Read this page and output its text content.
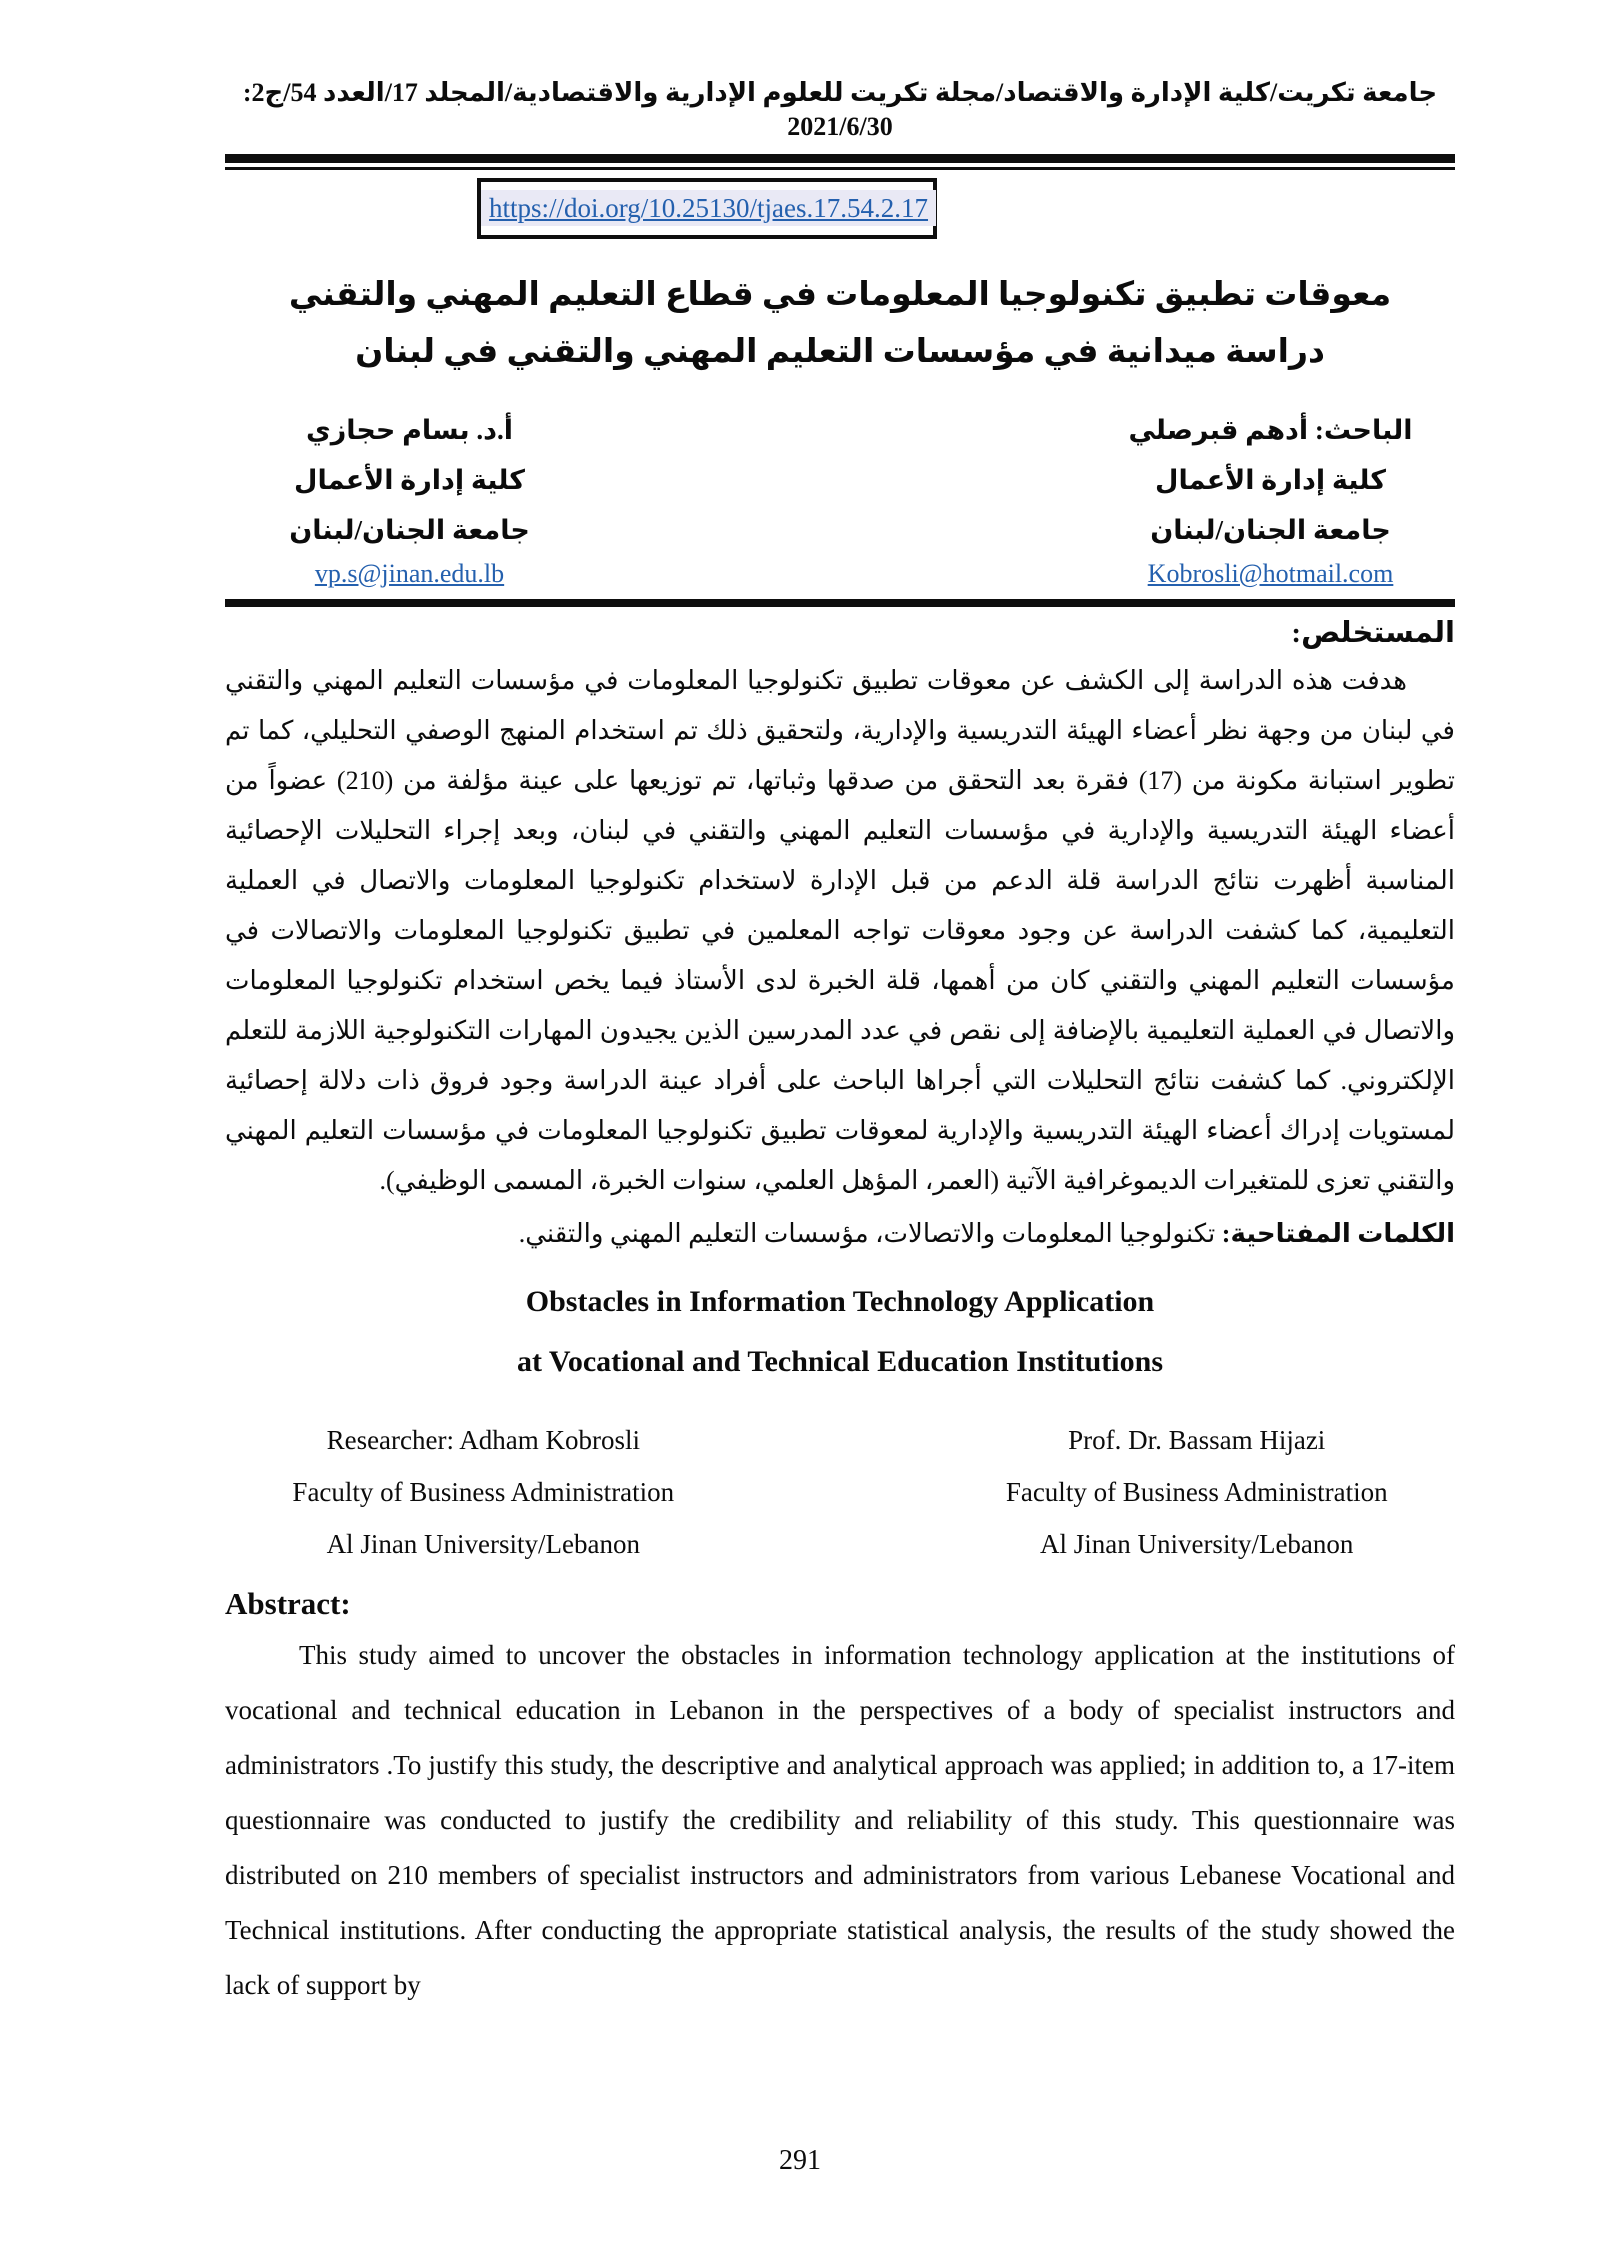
جامعة تكريت/كلية الإدارة والاقتصاد/مجلة تكريت للعلوم الإدارية والاقتصادية/المجلد 17/العدد 54/ج2: 2021/6/30
https://doi.org/10.25130/tjaes.17.54.2.17
معوقات تطبيق تكنولوجيا المعلومات في قطاع التعليم المهني والتقني
دراسة ميدانية في مؤسسات التعليم المهني والتقني في لبنان
الباحث: أدهم قبرصلي
كلية إدارة الأعمال
جامعة الجنان/لبنان
Kobrosli@hotmail.com
أ.د. بسام حجازي
كلية إدارة الأعمال
جامعة الجنان/لبنان
vp.s@jinan.edu.lb
المستخلص:
هدفت هذه الدراسة إلى الكشف عن معوقات تطبيق تكنولوجيا المعلومات في مؤسسات التعليم المهني والتقني في لبنان من وجهة نظر أعضاء الهيئة التدريسية والإدارية، ولتحقيق ذلك تم استخدام المنهج الوصفي التحليلي، كما تم تطوير استبانة مكونة من (17) فقرة بعد التحقق من صدقها وثباتها، تم توزيعها على عينة مؤلفة من (210) عضواً من أعضاء الهيئة التدريسية والإدارية في مؤسسات التعليم المهني والتقني في لبنان، وبعد إجراء التحليلات الإحصائية المناسبة أظهرت نتائج الدراسة قلة الدعم من قبل الإدارة لاستخدام تكنولوجيا المعلومات والاتصال في العملية التعليمية، كما كشفت الدراسة عن وجود معوقات تواجه المعلمين في تطبيق تكنولوجيا المعلومات والاتصالات في مؤسسات التعليم المهني والتقني كان من أهمها، قلة الخبرة لدى الأستاذ فيما يخص استخدام تكنولوجيا المعلومات والاتصال في العملية التعليمية بالإضافة إلى نقص في عدد المدرسين الذين يجيدون المهارات التكنولوجية اللازمة للتعلم الإلكتروني. كما كشفت نتائج التحليلات التي أجراها الباحث على أفراد عينة الدراسة وجود فروق ذات دلالة إحصائية لمستويات إدراك أعضاء الهيئة التدريسية والإدارية لمعوقات تطبيق تكنولوجيا المعلومات في مؤسسات التعليم المهني والتقني تعزى للمتغيرات الديموغرافية الآتية (العمر، المؤهل العلمي، سنوات الخبرة، المسمى الوظيفي).
الكلمات المفتاحية: تكنولوجيا المعلومات والاتصالات، مؤسسات التعليم المهني والتقني.
Obstacles in Information Technology Application
at Vocational and Technical Education Institutions
Researcher: Adham Kobrosli
Faculty of Business Administration
Al Jinan University/Lebanon
Prof. Dr. Bassam Hijazi
Faculty of Business Administration
Al Jinan University/Lebanon
Abstract:
This study aimed to uncover the obstacles in information technology application at the institutions of vocational and technical education in Lebanon in the perspectives of a body of specialist instructors and administrators .To justify this study, the descriptive and analytical approach was applied; in addition to, a 17-item questionnaire was conducted to justify the credibility and reliability of this study. This questionnaire was distributed on 210 members of specialist instructors and administrators from various Lebanese Vocational and Technical institutions. After conducting the appropriate statistical analysis, the results of the study showed the lack of support by
291
